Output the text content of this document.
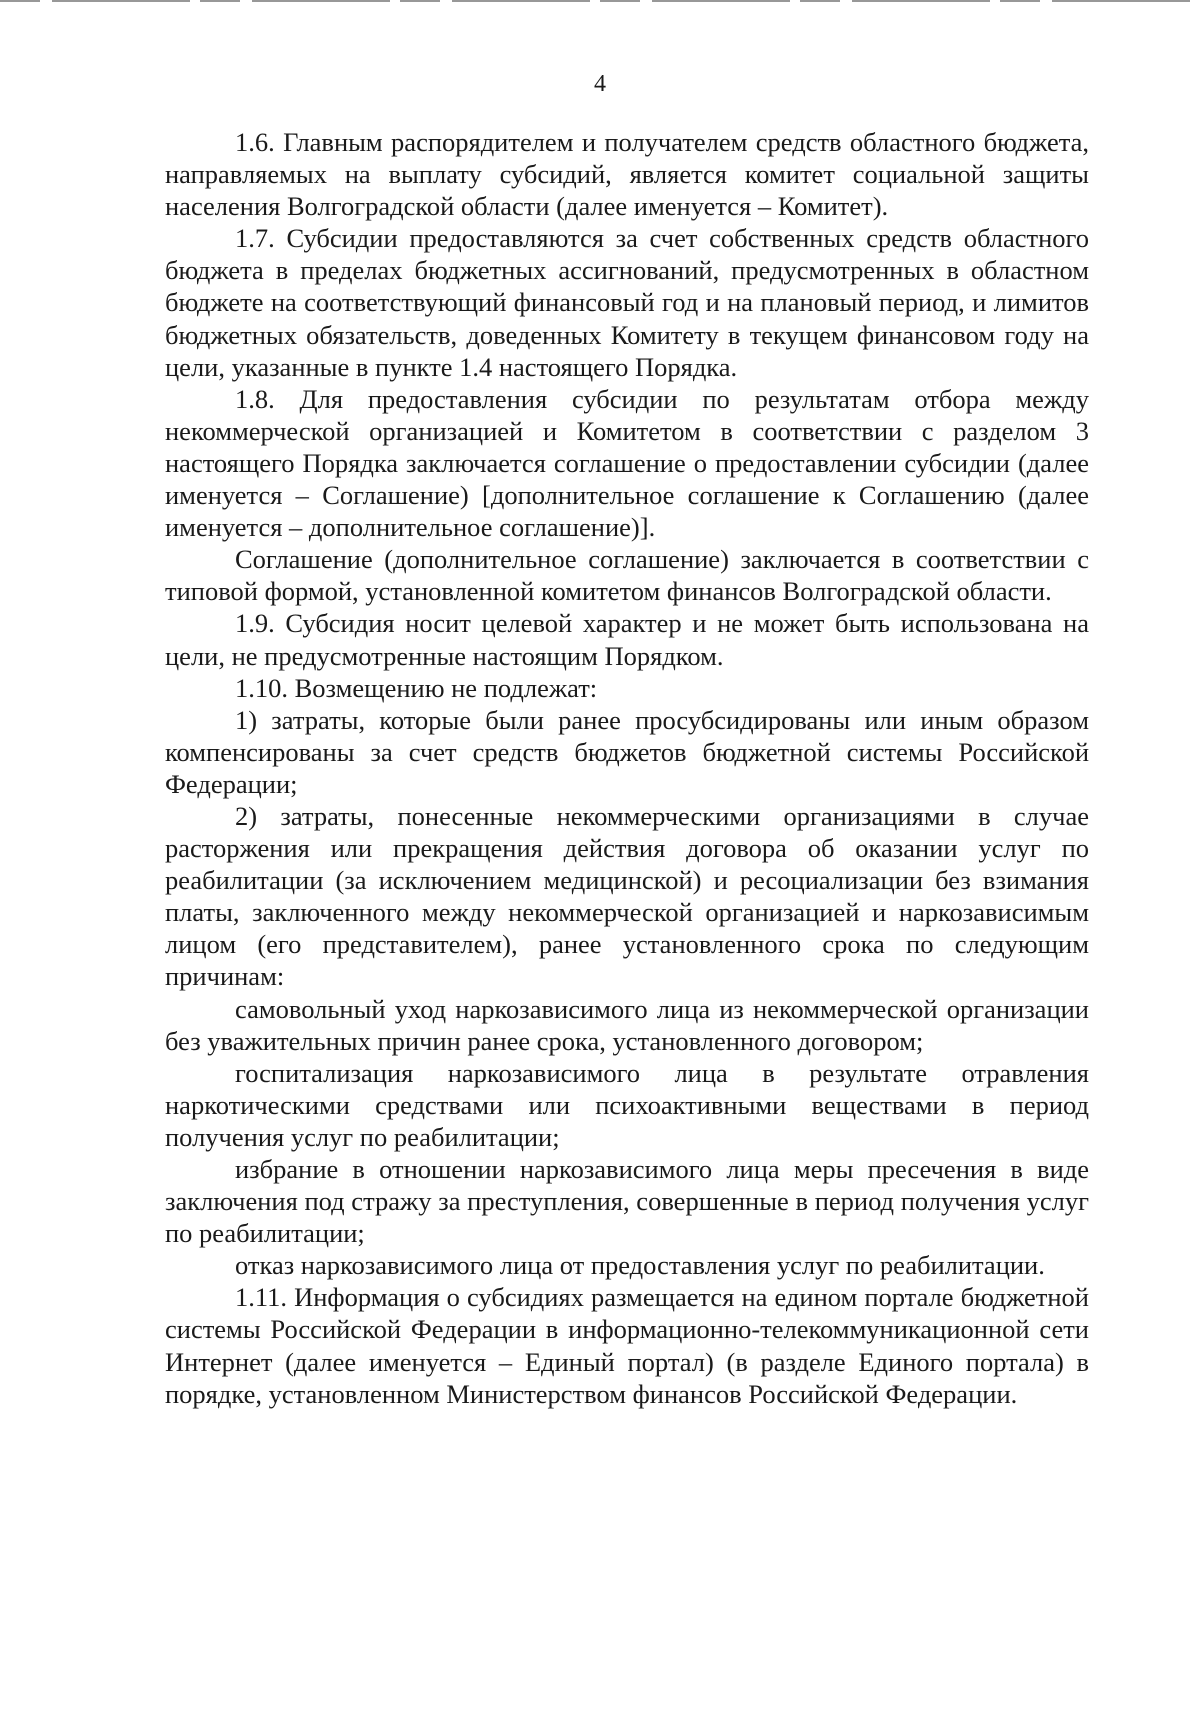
4

1.6. Главным распорядителем и получателем средств областного бюджета, направляемых на выплату субсидий, является комитет социальной защиты населения Волгоградской области (далее именуется – Комитет).

1.7. Субсидии предоставляются за счет собственных средств областного бюджета в пределах бюджетных ассигнований, предусмотренных в областном бюджете на соответствующий финансовый год и на плановый период, и лимитов бюджетных обязательств, доведенных Комитету в текущем финансовом году на цели, указанные в пункте 1.4 настоящего Порядка.

1.8. Для предоставления субсидии по результатам отбора между некоммерческой организацией и Комитетом в соответствии с разделом 3 настоящего Порядка заключается соглашение о предоставлении субсидии (далее именуется – Соглашение) [дополнительное соглашение к Соглашению (далее именуется – дополнительное соглашение)].

Соглашение (дополнительное соглашение) заключается в соответствии с типовой формой, установленной комитетом финансов Волгоградской области.

1.9. Субсидия носит целевой характер и не может быть использована на цели, не предусмотренные настоящим Порядком.

1.10. Возмещению не подлежат:

1) затраты, которые были ранее просубсидированы или иным образом компенсированы за счет средств бюджетов бюджетной системы Российской Федерации;

2) затраты, понесенные некоммерческими организациями в случае расторжения или прекращения действия договора об оказании услуг по реабилитации (за исключением медицинской) и ресоциализации без взимания платы, заключенного между некоммерческой организацией и наркозависимым лицом (его представителем), ранее установленного срока по следующим причинам:

самовольный уход наркозависимого лица из некоммерческой организации без уважительных причин ранее срока, установленного договором;

госпитализация наркозависимого лица в результате отравления наркотическими средствами или психоактивными веществами в период получения услуг по реабилитации;

избрание в отношении наркозависимого лица меры пресечения в виде заключения под стражу за преступления, совершенные в период получения услуг по реабилитации;

отказ наркозависимого лица от предоставления услуг по реабилитации.

1.11. Информация о субсидиях размещается на едином портале бюджетной системы Российской Федерации в информационно-телекоммуникационной сети Интернет (далее именуется – Единый портал) (в разделе Единого портала) в порядке, установленном Министерством финансов Российской Федерации.
